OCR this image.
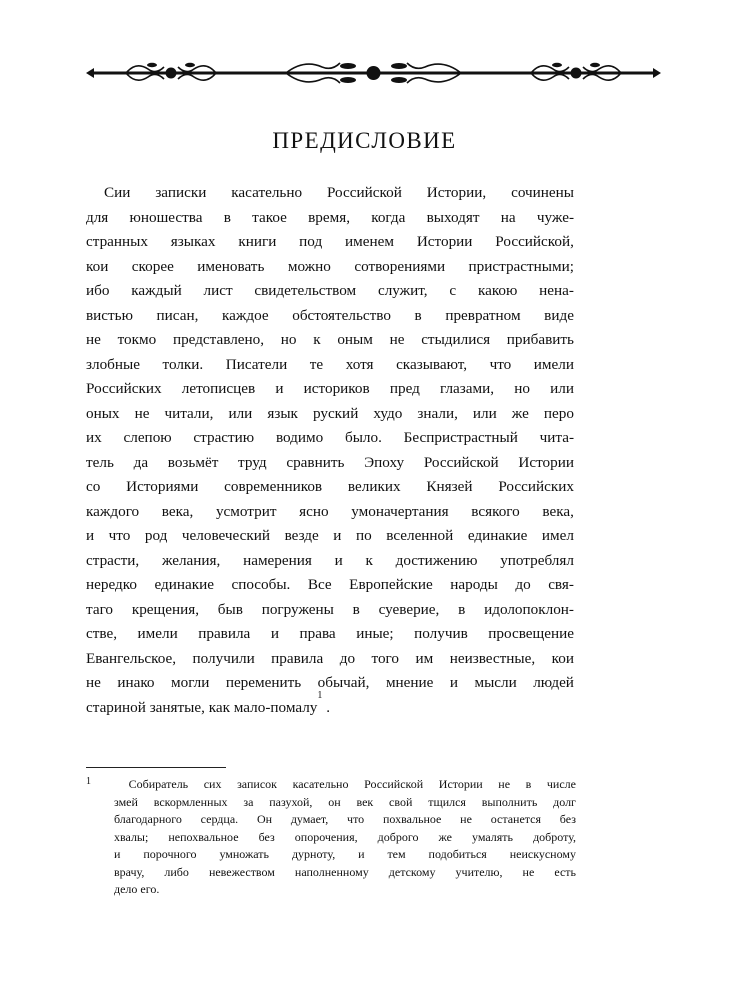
ПРЕДИСЛОВИЕ
Сии записки касательно Российской Истории, сочинены
для юношества в такое время, когда выходят на чуже-
странных языках книги под именем Истории Российской,
кои скорее именовать можно сотворениями пристрастными;
ибо каждый лист свидетельством служит, с какою нена-
вистью писан, каждое обстоятельство в превратном виде
не токмо представлено, но к оным не стыдилися прибавить
злобные толки. Писатели те хотя сказывают, что имели
Российских летописцев и историков пред глазами, но или
оных не читали, или язык руский худо знали, или же перо
их слепою страстию водимо было. Беспристрастный чита-
тель да возьмёт труд сравнить Эпоху Российской Истории
со Историями современников великих Князей Российских
каждого века, усмотрит ясно умоначертания всякого века,
и что род человеческий везде и по вселенной единакие имел
страсти, желания, намерения и к достижению употреблял
нередко единакие способы. Все Европейские народы до свя-
таго крещения, быв погружены в суеверие, в идолопоклон-
стве, имели правила и права иные; получив просвещение
Евангельское, получили правила до того им неизвестные, кои
не инако могли переменить обычай, мнение и мысли людей
стариной занятые, как мало-помалу
1
.
1	Собиратель сих записок касательно Российской Истории не в числе
змей вскормленных за пазухой, он век свой тщился выполнить долг
благодарного сердца. Он думает, что похвальное не останется без
хвалы; непохвальное без опорочения, доброго же умалять доброту,
и порочного умножать дурноту, и тем подобиться неискусному
врачу, либо невежеством наполненному детскому учителю, не есть
дело его.
